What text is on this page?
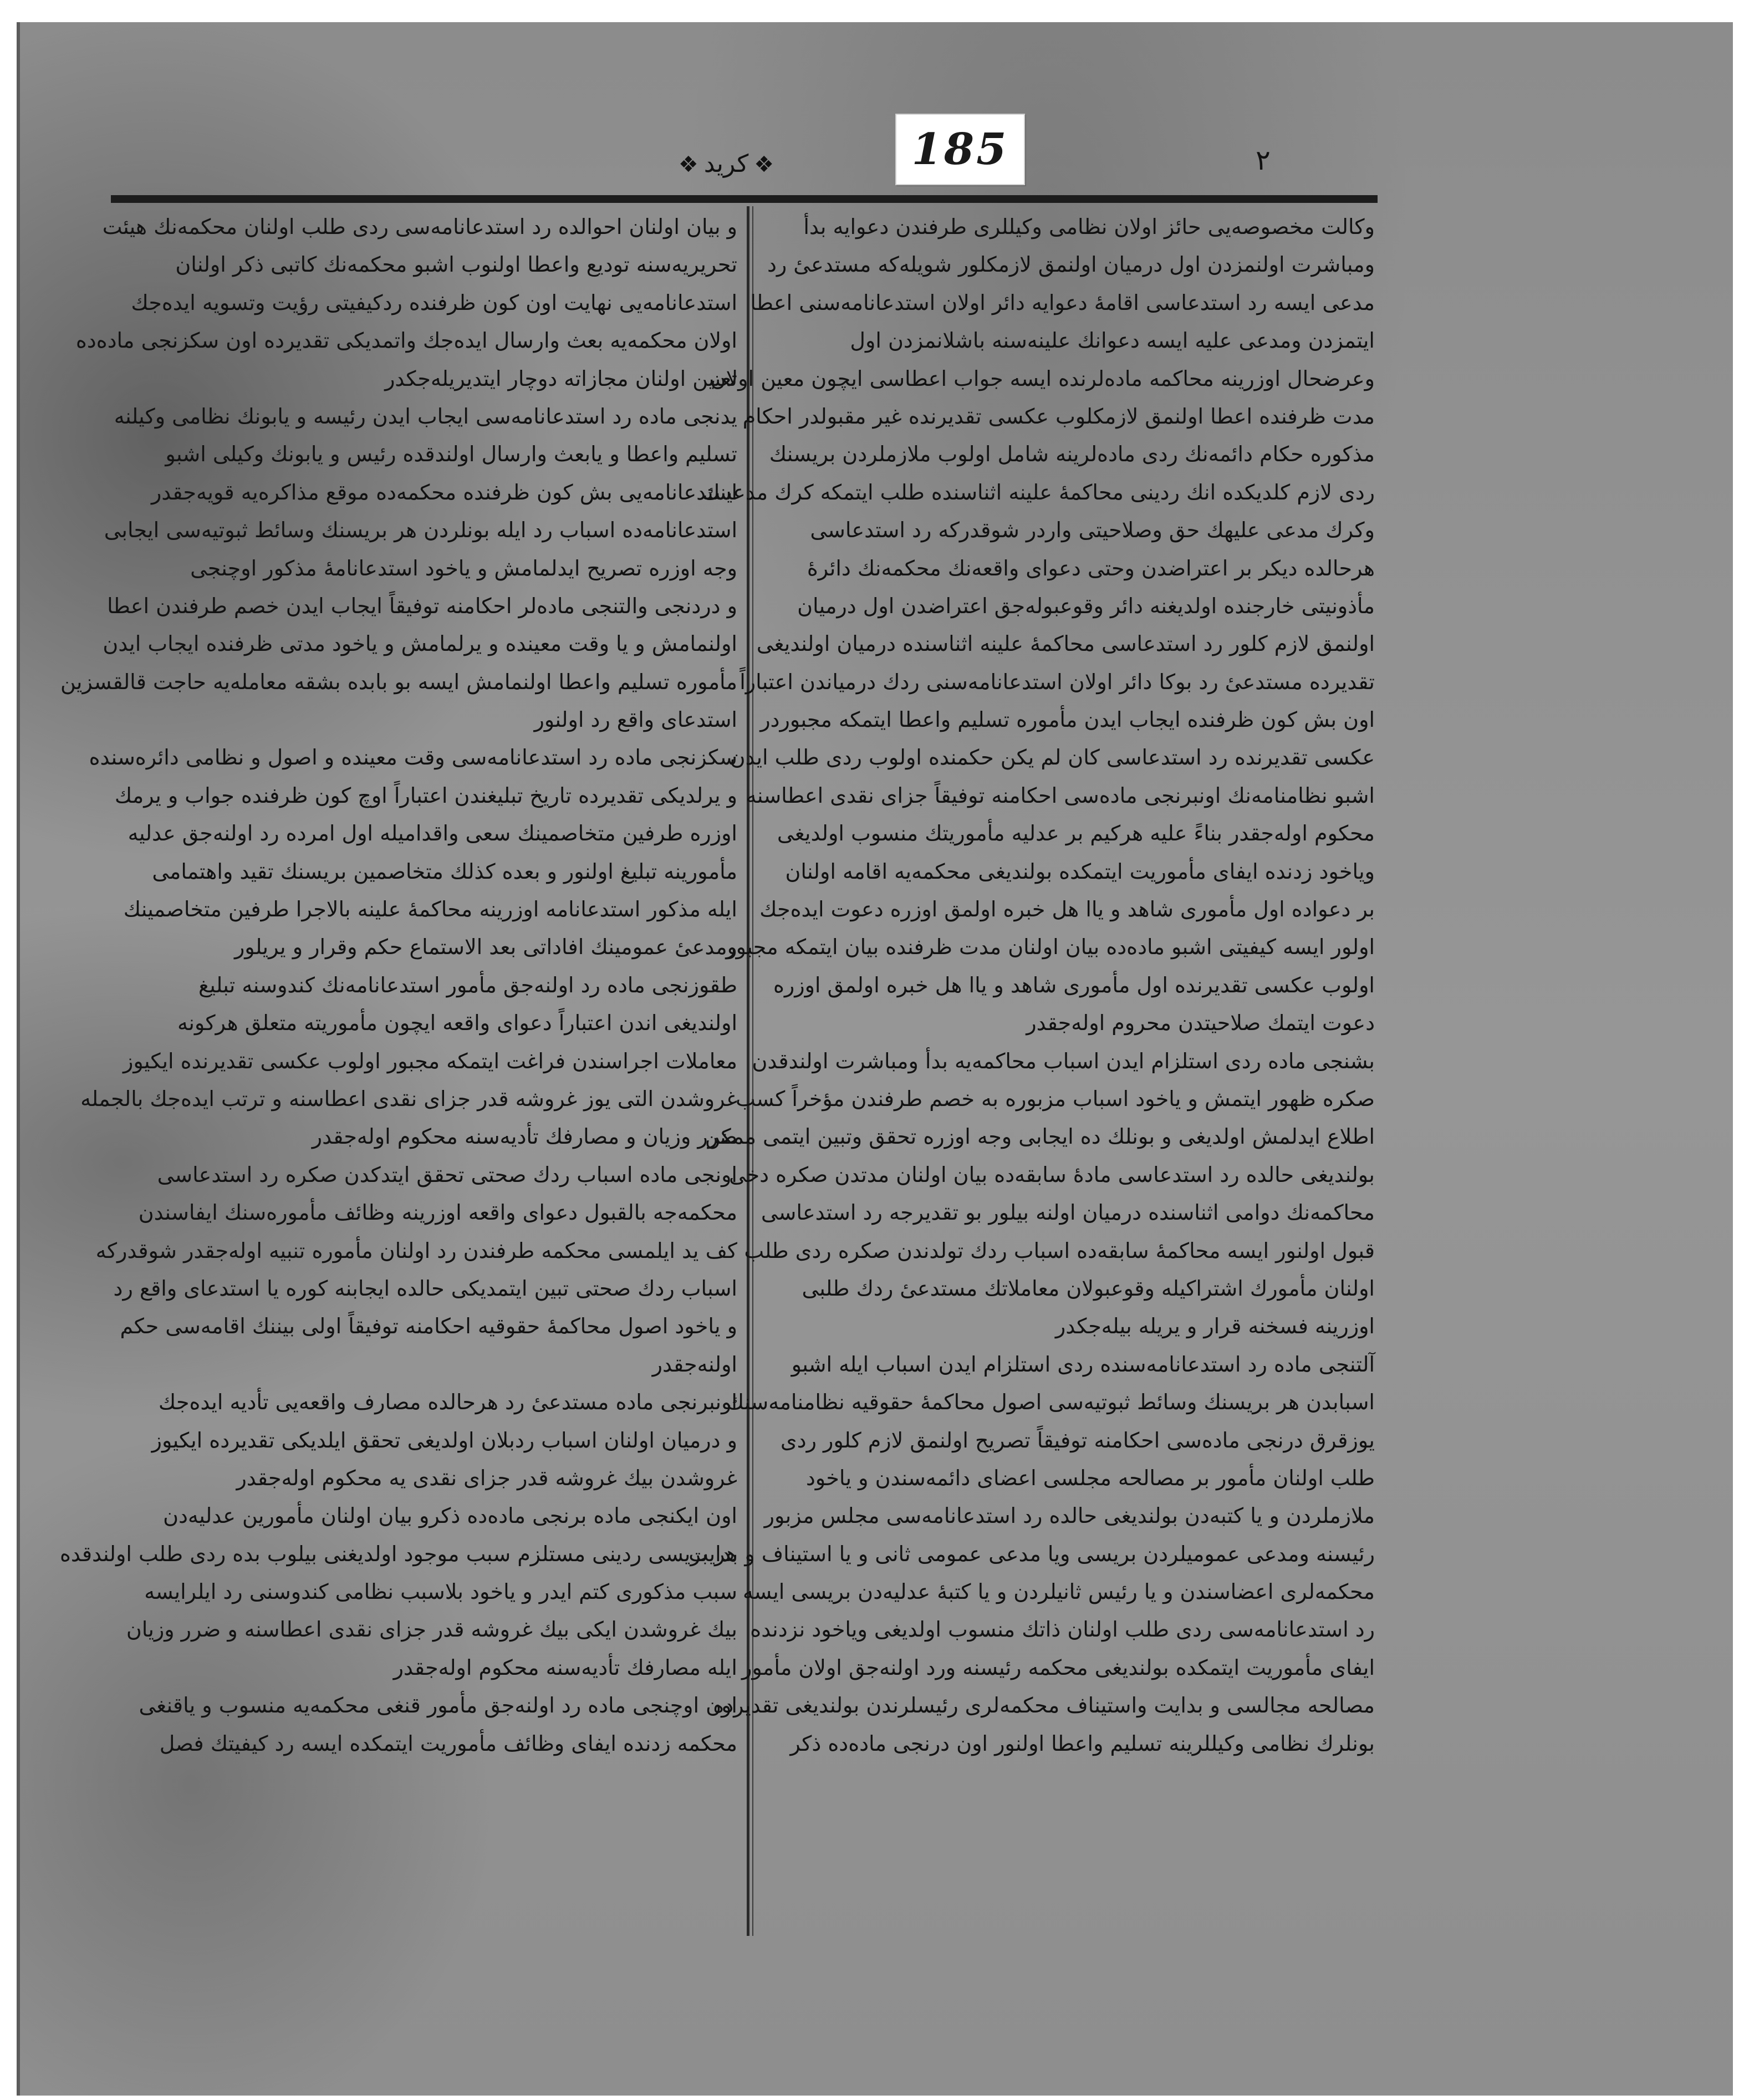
185
❖كريد❖	٢
وكالت مخصوصه‌يى حائز اولان نظامى وكيللرى طرفندن دعوايه بدأ
ومباشرت اولنمزدن اول درميان اولنمق لازمكلور شويله‌كه مستدعىٔ رد
مدعى ايسه رد استدعاسى اقامهٔ دعوايه دائر اولان استدعانامه‌سنى اعطا
ايتمزدن ومدعى عليه ايسه دعوانك علينه‌سنه باشلانمزدن اول
وعرضحال اوزرينه محاكمه ماده‌لرنده ايسه جواب اعطاسى ايچون معين اولان
مدت ظرفنده اعطا اولنمق لازمكلوب عكسى تقديرنده غير مقبولدر احكام
مذكوره حكام دائمه‌نك ردى ماده‌لرينه شامل اولوب ملازملردن بريسنك
ردى لازم كلديكده انك ردينى محاكمهٔ علينه اثناسنده طلب ايتمكه كرك مدعينك
وكرك مدعى عليهك حق وصلاحيتى واردر شوقدركه رد استدعاسى
هرحالده ديكر بر اعتراضدن وحتى دعواى واقعه‌نك محكمه‌نك دائرهٔ
مأذونيتى خارجنده اولديغنه دائر وقوعبوله‌جق اعتراضدن اول درميان
اولنمق لازم كلور رد استدعاسى محاكمهٔ علينه اثناسنده درميان اولنديغى
تقديرده مستدعىٔ رد بوكا دائر اولان استدعانامه‌سنى ردك درمياندن اعتباراً
اون بش كون ظرفنده ايجاب ايدن مأموره تسليم واعطا ايتمكه مجبوردر
عكسى تقديرنده رد استدعاسى كان لم يكن حكمنده اولوب ردى طلب ايدن
اشبو نظامنامه‌نك اونبرنجى ماده‌سى احكامنه توفيقاً جزاى نقدى اعطاسنه
محكوم اوله‌جقدر بناءً عليه هركيم بر عدليه مأموريتك منسوب اولديغى
وياخود زدنده ايفاى مأموريت ايتمكده بولنديغى محكمه‌يه اقامه اولنان
بر دعواده اول مأمورى شاهد و ياا هل خبره اولمق اوزره دعوت ايده‌جك
اولور ايسه كيفيتى اشبو ماده‌ده بيان اولنان مدت ظرفنده بيان ايتمكه مجبور
اولوب عكسى تقديرنده اول مأمورى شاهد و ياا هل خبره اولمق اوزره
دعوت ايتمك صلاحيتدن محروم اوله‌جقدر
بشنجى ماده ردى استلزام ايدن اسباب محاكمه‌يه بدأ ومباشرت اولندقدن
صكره ظهور ايتمش و ياخود اسباب مزبوره به خصم طرفندن مؤخراً كسب
اطلاع ايدلمش اولديغى و بونلك ده ايجابى وجه اوزره تحقق وتبين ايتمى ممكن
بولنديغى حالده رد استدعاسى مادهٔ سابقه‌ده بيان اولنان مدتدن صكره دخى
محاكمه‌نك دوامى اثناسنده درميان اولنه بيلور بو تقديرجه رد استدعاسى
قبول اولنور ايسه محاكمهٔ سابقه‌ده اسباب ردك تولدندن صكره ردى طلب
اولنان مأمورك اشتراكيله وقوعبولان معاملاتك مستدعىٔ ردك طلبى
اوزرينه فسخنه قرار و يريله بيله‌جكدر
آلتنجى ماده رد استدعانامه‌سنده ردى استلزام ايدن اسباب ايله اشبو
اسبابدن هر بريسنك وسائط ثبوتيه‌سى اصول محاكمهٔ حقوقيه نظامنامه‌سنك
يوزقرق درنجى ماده‌سى احكامنه توفيقاً تصريح اولنمق لازم كلور ردى
طلب اولنان مأمور بر مصالحه مجلسى اعضاى دائمه‌سندن و ياخود
ملازملردن و يا كتبه‌دن بولنديغى حالده رد استدعانامه‌سى مجلس مزبور
رئيسنه ومدعى عموميلردن بريسى ويا مدعى عمومى ثانى و يا استيناف و بدايت
محكمه‌لرى اعضاسندن و يا رئيس ثانيلردن و يا كتبهٔ عدليه‌دن بريسى ايسه
رد استدعانامه‌سى ردى طلب اولنان ذاتك منسوب اولديغى وياخود نزدنده
ايفاى مأموريت ايتمكده بولنديغى محكمه رئيسنه ورد اولنه‌جق اولان مأمور
مصالحه مجالسى و بدايت واستيناف محكمه‌لرى رئيسلرندن بولنديغى تقديرده
بونلرك نظامى وكيللرينه تسليم واعطا اولنور اون درنجى ماده‌ده ذكر
و بيان اولنان احوالده رد استدعانامه‌سى ردى طلب اولنان محكمه‌نك هيئت
تحريريه‌سنه توديع واعطا اولنوب اشبو محكمه‌نك كاتبى ذكر اولنان
استدعانامه‌يى نهايت اون كون ظرفنده ردكيفيتى رؤيت وتسويه ايده‌جك
اولان محكمه‌يه بعث وارسال ايده‌جك واتمديكى تقديرده اون سكزنجى ماده‌ده
تعيين اولنان مجازاته دوچار ايتديريله‌جكدر
يدنجى ماده رد استدعانامه‌سى ايجاب ايدن رئيسه و يابونك نظامى وكيلنه
تسليم واعطا و يابعث وارسال اولندقده رئيس و يابونك وكيلى اشبو
استدعانامه‌يى بش كون ظرفنده محكمه‌ده موقع مذاكره‌يه قويه‌جقدر
استدعانامه‌ده اسباب رد ايله بونلردن هر بريسنك وسائط ثبوتيه‌سى ايجابى
وجه اوزره تصريح ايدلمامش و ياخود استدعانامهٔ مذكور اوچنجى
و دردنجى والتنجى ماده‌لر احكامنه توفيقاً ايجاب ايدن خصم طرفندن اعطا
اولنمامش و يا وقت معينده‌ و يرلمامش و ياخود مدتى ظرفنده ايجاب ايدن
مأموره تسليم واعطا اولنمامش ايسه بو بابده بشقه معامله‌يه حاجت قالقسزين
استدعاى واقع رد اولنور
سكزنجى ماده رد استدعانامه‌سى وقت معينده و اصول و نظامى دائره‌سنده
و يرلديكى تقديرده تاريخ تبليغندن اعتباراً اوچ كون ظرفنده جواب و يرمك
اوزره طرفين متخاصمينك سعى واقداميله اول امرده رد اولنه‌جق عدليه
مأمورينه تبليغ اولنور و بعده كذلك متخاصمين بريسنك تقيد واهتمامى
ايله مذكور استدعانامه اوزرينه محاكمهٔ علينه بالاجرا طرفين متخاصمينك
ومدعىٔ عمومينك افاداتى بعد الاستماع حكم وقرار و يريلور
طقوزنجى ماده رد اولنه‌جق مأمور استدعانامه‌نك كندوسنه تبليغ
اولنديغى اندن اعتباراً دعواى واقعه ايچون مأموريته متعلق هركونه
معاملات اجراسندن فراغت ايتمكه مجبور اولوب عكسى تقديرنده ايكيوز
غروشدن التى يوز غروشه قدر جزاى نقدى اعطاسنه و ترتب ايده‌جك بالجمله
ضرر وزيان و مصارفك تأديه‌سنه محكوم اوله‌جقدر
اونجى ماده اسباب ردك صحتى تحقق ايتدكدن صكره رد استدعاسى
محكمه‌جه بالقبول دعواى واقعه اوزرينه وظائف مأموره‌سنك ايفاسندن
كف يد ايلمسى محكمه طرفندن رد اولنان مأموره تنبيه اوله‌جقدر شوقدركه
اسباب ردك صحتى تبين ايتمديكى حالده ايجابنه كوره يا استدعاى واقع رد
و ياخود اصول محاكمهٔ حقوقيه احكامنه توفيقاً اولى بيننك اقامه‌سى حكم
اولنه‌جقدر
اونبرنجى ماده مستدعىٔ رد هرحالده مصارف واقعه‌يى تأديه ايده‌جك
و درميان اولنان اسباب ردبلان اولديغى تحقق ايلديكى تقديرده ايكيوز
غروشدن بيك غروشه قدر جزاى نقدى يه محكوم اوله‌جقدر
اون ايكنجى ماده برنجى ماده‌ده ذكرو بيان اولنان مأمورين عدليه‌دن
هر بريسى ردينى مستلزم سبب موجود اولديغنى بيلوب بده ردى طلب اولندقده
سبب مذكورى كتم ايدر و ياخود بلاسبب نظامى كندوسنى رد ايلرايسه
بيك غروشدن ايكى بيك غروشه قدر جزاى نقدى اعطاسنه و ضرر وزيان
ايله مصارفك تأديه‌سنه محكوم اوله‌جقدر
اون اوچنجى ماده رد اولنه‌جق مأمور قنغى محكمه‌يه منسوب و ياقنغى
محكمه زدنده ايفاى وظائف مأموريت ايتمكده ايسه رد كيفيتك فصل
